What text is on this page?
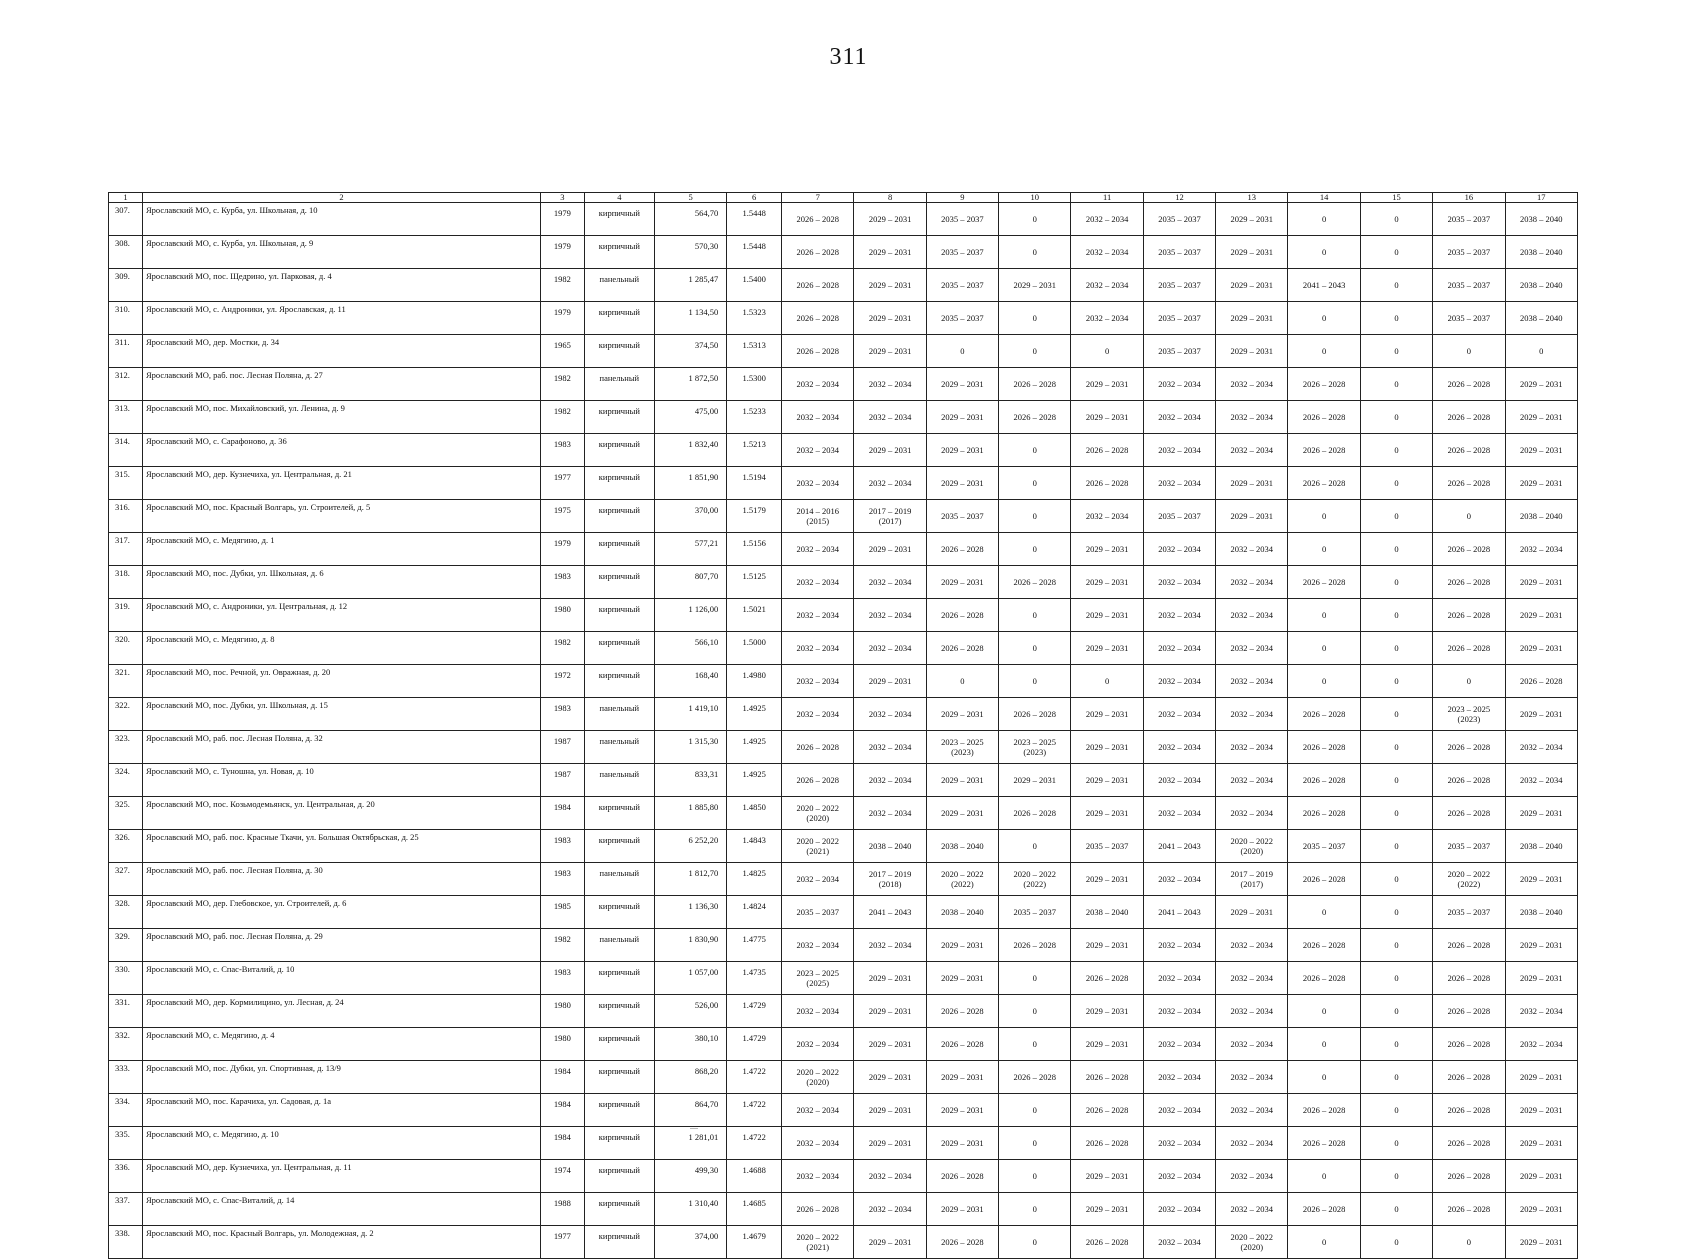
311
1	2	3	4	5	6	7	8	9	10	11	12	13	14	15	16	17
307.	Ярославский МО, с. Курба, ул. Школьная, д. 10	1979	кирпичный	564,70	1.5448	2026 – 2028	2029 – 2031	2035 – 2037	0	2032 – 2034	2035 – 2037	2029 – 2031	0	0	2035 – 2037	2038 – 2040
308.	Ярославский МО, с. Курба, ул. Школьная, д. 9	1979	кирпичный	570,30	1.5448	2026 – 2028	2029 – 2031	2035 – 2037	0	2032 – 2034	2035 – 2037	2029 – 2031	0	0	2035 – 2037	2038 – 2040
309.	Ярославский МО, пос. Щедрино, ул. Парковая, д. 4	1982	панельный	1 285,47	1.5400	2026 – 2028	2029 – 2031	2035 – 2037	2029 – 2031	2032 – 2034	2035 – 2037	2029 – 2031	2041 – 2043	0	2035 – 2037	2038 – 2040
310.	Ярославский МО, с. Андроники, ул. Ярославская, д. 11	1979	кирпичный	1 134,50	1.5323	2026 – 2028	2029 – 2031	2035 – 2037	0	2032 – 2034	2035 – 2037	2029 – 2031	0	0	2035 – 2037	2038 – 2040
311.	Ярославский МО, дер. Мостки, д. 34	1965	кирпичный	374,50	1.5313	2026 – 2028	2029 – 2031	0	0	0	2035 – 2037	2029 – 2031	0	0	0	0
312.	Ярославский МО, раб. пос. Лесная Поляна, д. 27	1982	панельный	1 872,50	1.5300	2032 – 2034	2032 – 2034	2029 – 2031	2026 – 2028	2029 – 2031	2032 – 2034	2032 – 2034	2026 – 2028	0	2026 – 2028	2029 – 2031
313.	Ярославский МО, пос. Михайловский, ул. Ленина, д. 9	1982	кирпичный	475,00	1.5233	2032 – 2034	2032 – 2034	2029 – 2031	2026 – 2028	2029 – 2031	2032 – 2034	2032 – 2034	2026 – 2028	0	2026 – 2028	2029 – 2031
314.	Ярославский МО, с. Сарафоново, д. 36	1983	кирпичный	1 832,40	1.5213	2032 – 2034	2029 – 2031	2029 – 2031	0	2026 – 2028	2032 – 2034	2032 – 2034	2026 – 2028	0	2026 – 2028	2029 – 2031
315.	Ярославский МО, дер. Кузнечиха, ул. Центральная, д. 21	1977	кирпичный	1 851,90	1.5194	2032 – 2034	2032 – 2034	2029 – 2031	0	2026 – 2028	2032 – 2034	2029 – 2031	2026 – 2028	0	2026 – 2028	2029 – 2031
316.	Ярославский МО, пос. Красный Волгарь, ул. Строителей, д. 5	1975	кирпичный	370,00	1.5179	2014 – 2016
(2015)	2017 – 2019
(2017)	2035 – 2037	0	2032 – 2034	2035 – 2037	2029 – 2031	0	0	0	2038 – 2040
317.	Ярославский МО, с. Медягино, д. 1	1979	кирпичный	577,21	1.5156	2032 – 2034	2029 – 2031	2026 – 2028	0	2029 – 2031	2032 – 2034	2032 – 2034	0	0	2026 – 2028	2032 – 2034
318.	Ярославский МО, пос. Дубки, ул. Школьная, д. 6	1983	кирпичный	807,70	1.5125	2032 – 2034	2032 – 2034	2029 – 2031	2026 – 2028	2029 – 2031	2032 – 2034	2032 – 2034	2026 – 2028	0	2026 – 2028	2029 – 2031
319.	Ярославский МО, с. Андроники, ул. Центральная, д. 12	1980	кирпичный	1 126,00	1.5021	2032 – 2034	2032 – 2034	2026 – 2028	0	2029 – 2031	2032 – 2034	2032 – 2034	0	0	2026 – 2028	2029 – 2031
320.	Ярославский МО, с. Медягино, д. 8	1982	кирпичный	566,10	1.5000	2032 – 2034	2032 – 2034	2026 – 2028	0	2029 – 2031	2032 – 2034	2032 – 2034	0	0	2026 – 2028	2029 – 2031
321.	Ярославский МО, пос. Речной, ул. Овражная, д. 20	1972	кирпичный	168,40	1.4980	2032 – 2034	2029 – 2031	0	0	0	2032 – 2034	2032 – 2034	0	0	0	2026 – 2028
322.	Ярославский МО, пос. Дубки, ул. Школьная, д. 15	1983	панельный	1 419,10	1.4925	2032 – 2034	2032 – 2034	2029 – 2031	2026 – 2028	2029 – 2031	2032 – 2034	2032 – 2034	2026 – 2028	0	2023 – 2025
(2023)	2029 – 2031
323.	Ярославский МО, раб. пос. Лесная Поляна, д. 32	1987	панельный	1 315,30	1.4925	2026 – 2028	2032 – 2034	2023 – 2025
(2023)	2023 – 2025
(2023)	2029 – 2031	2032 – 2034	2032 – 2034	2026 – 2028	0	2026 – 2028	2032 – 2034
324.	Ярославский МО, с. Туношна, ул. Новая, д. 10	1987	панельный	833,31	1.4925	2026 – 2028	2032 – 2034	2029 – 2031	2029 – 2031	2029 – 2031	2032 – 2034	2032 – 2034	2026 – 2028	0	2026 – 2028	2032 – 2034
325.	Ярославский МО, пос. Козьмодемьянск, ул. Центральная, д. 20	1984	кирпичный	1 885,80	1.4850	2020 – 2022
(2020)	2032 – 2034	2029 – 2031	2026 – 2028	2029 – 2031	2032 – 2034	2032 – 2034	2026 – 2028	0	2026 – 2028	2029 – 2031
326.	Ярославский МО, раб. пос. Красные Ткачи, ул. Большая Октябрьская, д. 25	1983	кирпичный	6 252,20	1.4843	2020 – 2022
(2021)	2038 – 2040	2038 – 2040	0	2035 – 2037	2041 – 2043	2020 – 2022
(2020)	2035 – 2037	0	2035 – 2037	2038 – 2040
327.	Ярославский МО, раб. пос. Лесная Поляна, д. 30	1983	панельный	1 812,70	1.4825	2032 – 2034	2017 – 2019
(2018)	2020 – 2022
(2022)	2020 – 2022
(2022)	2029 – 2031	2032 – 2034	2017 – 2019
(2017)	2026 – 2028	0	2020 – 2022
(2022)	2029 – 2031
328.	Ярославский МО, дер. Глебовское, ул. Строителей, д. 6	1985	кирпичный	1 136,30	1.4824	2035 – 2037	2041 – 2043	2038 – 2040	2035 – 2037	2038 – 2040	2041 – 2043	2029 – 2031	0	0	2035 – 2037	2038 – 2040
329.	Ярославский МО, раб. пос. Лесная Поляна, д. 29	1982	панельный	1 830,90	1.4775	2032 – 2034	2032 – 2034	2029 – 2031	2026 – 2028	2029 – 2031	2032 – 2034	2032 – 2034	2026 – 2028	0	2026 – 2028	2029 – 2031
330.	Ярославский МО, с. Спас-Виталий, д. 10	1983	кирпичный	1 057,00	1.4735	2023 – 2025
(2025)	2029 – 2031	2029 – 2031	0	2026 – 2028	2032 – 2034	2032 – 2034	2026 – 2028	0	2026 – 2028	2029 – 2031
331.	Ярославский МО, дер. Кормилицино, ул. Лесная, д. 24	1980	кирпичный	526,00	1.4729	2032 – 2034	2029 – 2031	2026 – 2028	0	2029 – 2031	2032 – 2034	2032 – 2034	0	0	2026 – 2028	2032 – 2034
332.	Ярославский МО, с. Медягино, д. 4	1980	кирпичный	380,10	1.4729	2032 – 2034	2029 – 2031	2026 – 2028	0	2029 – 2031	2032 – 2034	2032 – 2034	0	0	2026 – 2028	2032 – 2034
333.	Ярославский МО, пос. Дубки, ул. Спортивная, д. 13/9	1984	кирпичный	868,20	1.4722	2020 – 2022
(2020)	2029 – 2031	2029 – 2031	2026 – 2028	2026 – 2028	2032 – 2034	2032 – 2034	0	0	2026 – 2028	2029 – 2031
334.	Ярославский МО, пос. Карачиха, ул. Садовая, д. 1а	1984	кирпичный	864,70	1.4722	2032 – 2034	2029 – 2031	2029 – 2031	0	2026 – 2028	2032 – 2034	2032 – 2034	2026 – 2028	0	2026 – 2028	2029 – 2031
335.	Ярославский МО, с. Медягино, д. 10	1984	кирпичный	1 281,01	1.4722	2032 – 2034	2029 – 2031	2029 – 2031	0	2026 – 2028	2032 – 2034	2032 – 2034	2026 – 2028	0	2026 – 2028	2029 – 2031
336.	Ярославский МО, дер. Кузнечиха, ул. Центральная, д. 11	1974	кирпичный	499,30	1.4688	2032 – 2034	2032 – 2034	2026 – 2028	0	2029 – 2031	2032 – 2034	2032 – 2034	0	0	2026 – 2028	2029 – 2031
337.	Ярославский МО, с. Спас-Виталий, д. 14	1988	кирпичный	1 310,40	1.4685	2026 – 2028	2032 – 2034	2029 – 2031	0	2029 – 2031	2032 – 2034	2032 – 2034	2026 – 2028	0	2026 – 2028	2029 – 2031
338.	Ярославский МО, пос. Красный Волгарь, ул. Молодежная, д. 2	1977	кирпичный	374,00	1.4679	2020 – 2022
(2021)	2029 – 2031	2026 – 2028	0	2026 – 2028	2032 – 2034	2020 – 2022
(2020)	0	0	0	2029 – 2031
